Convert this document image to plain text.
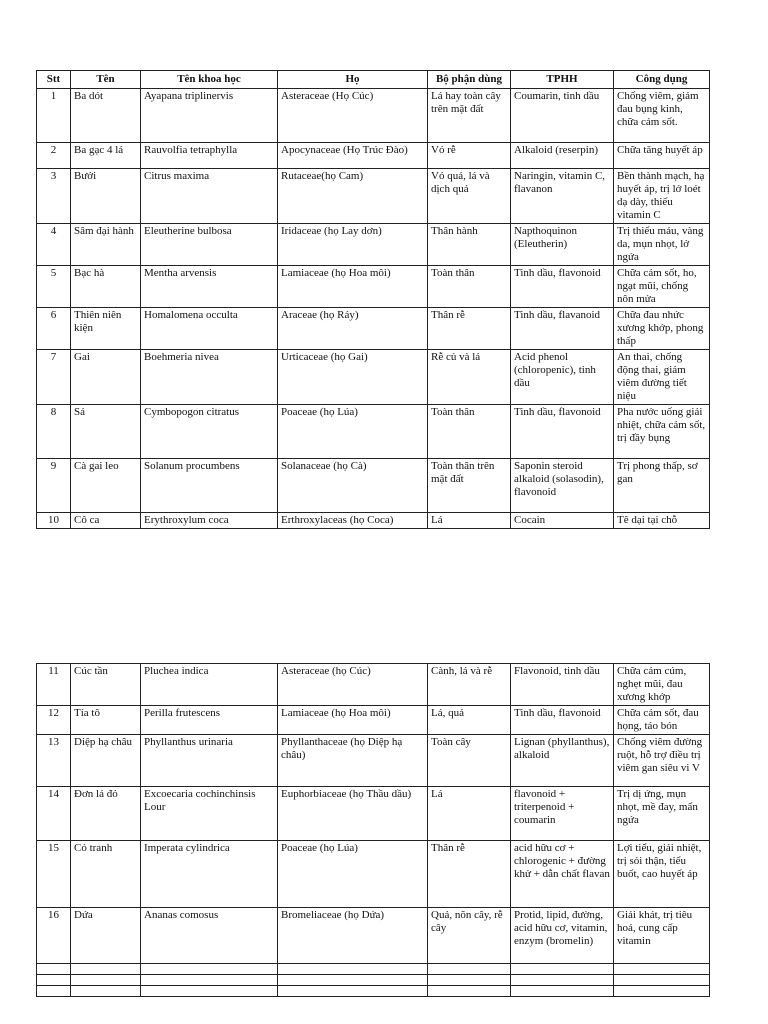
Stt	Tên	Tên khoa học	Họ	Bộ phận dùng	TPHH	Công dụng
1	Ba dót	Ayapana triplinervis	Asteraceae (Họ Cúc)	Lá hay toàn cây trên mặt đất	Coumarin, tinh dầu	Chống viêm, giảm đau bụng kinh, chữa cảm sốt.
2	Ba gạc 4 lá	Rauvolfia tetraphylla	Apocynaceae (Họ Trúc Đào)	Vỏ rễ	Alkaloid (reserpin)	Chữa tăng huyết áp
3	Bưởi	Citrus maxima	Rutaceae(họ Cam)	Vỏ quả, lá và dịch quả	Naringin, vitamin C, flavanon	Bền thành mạch, hạ huyết áp, trị lở loét dạ dày, thiếu vitamin C
4	Sâm đại hành	Eleutherine bulbosa	Iridaceae (họ Lay dơn)	Thân hành	Napthoquinon (Eleutherin)	Trị thiếu máu, vàng da, mụn nhọt, lở ngứa
5	Bạc hà	Mentha arvensis	Lamiaceae (họ Hoa môi)	Toàn thân	Tinh dầu, flavonoid	Chữa cảm sốt, ho, ngạt mũi, chống nôn mửa
6	Thiên niên kiện	Homalomena occulta	Araceae (họ Ráy)	Thân rễ	Tinh dầu, flavanoid	Chữa đau nhức xương khớp, phong thấp
7	Gai	Boehmeria nivea	Urticaceae (họ Gai)	Rễ củ và lá	Acid phenol (chloropenic), tinh dầu	An thai, chống động thai, giảm viêm đường tiết niệu
8	Sả	Cymbopogon citratus	Poaceae (họ Lúa)	Toàn thân	Tinh dầu, flavonoid	Pha nước uống giải nhiệt, chữa cảm sốt, trị đầy bụng
9	Cà gai leo	Solanum procumbens	Solanaceae (họ Cà)	Toàn thân trên mặt đất	Saponin steroid alkaloid (solasodin), flavonoid	Trị phong thấp, sơ gan
10	Cô ca	Erythroxylum coca	Erthroxylaceas (họ Coca)	Lá	Cocain	Tê dại tại chỗ
11	Cúc tần	Pluchea indica	Asteraceae (họ Cúc)	Cành, lá và rễ	Flavonoid, tinh dầu	Chữa cảm cúm, nghẹt mũi, đau xương khớp
12	Tía tô	Perilla frutescens	Lamiaceae (họ Hoa môi)	Lá, quả	Tinh dầu, flavonoid	Chữa cảm sốt, đau họng, táo bón
13	Diệp hạ châu	Phyllanthus urinaria	Phyllanthaceae (họ Diệp hạ châu)	Toàn cây	Lignan (phyllanthus), alkaloid	Chống viêm đường ruột, hỗ trợ điều trị viêm gan siêu vi V
14	Đơn lá đỏ	Excoecaria cochinchinsis Lour	Euphorbiaceae (họ Thầu dầu)	Lá	flavonoid + triterpenoid + coumarin	Trị dị ứng, mụn nhọt, mề đay, mẩn ngứa
15	Cỏ tranh	Imperata cylindrica	Poaceae (họ Lúa)	Thân rễ	acid hữu cơ + chlorogenic + đường khử + dẫn chất flavan	Lợi tiểu, giải nhiệt, trị sỏi thận, tiểu buốt, cao huyết áp
16	Dứa	Ananas comosus	Bromeliaceae (họ Dứa)	Quả, nõn cây, rễ cây	Protid, lipid, đường, acid hữu cơ, vitamin, enzym (bromelin)	Giải khát, trị tiêu hoá, cung cấp vitamin
